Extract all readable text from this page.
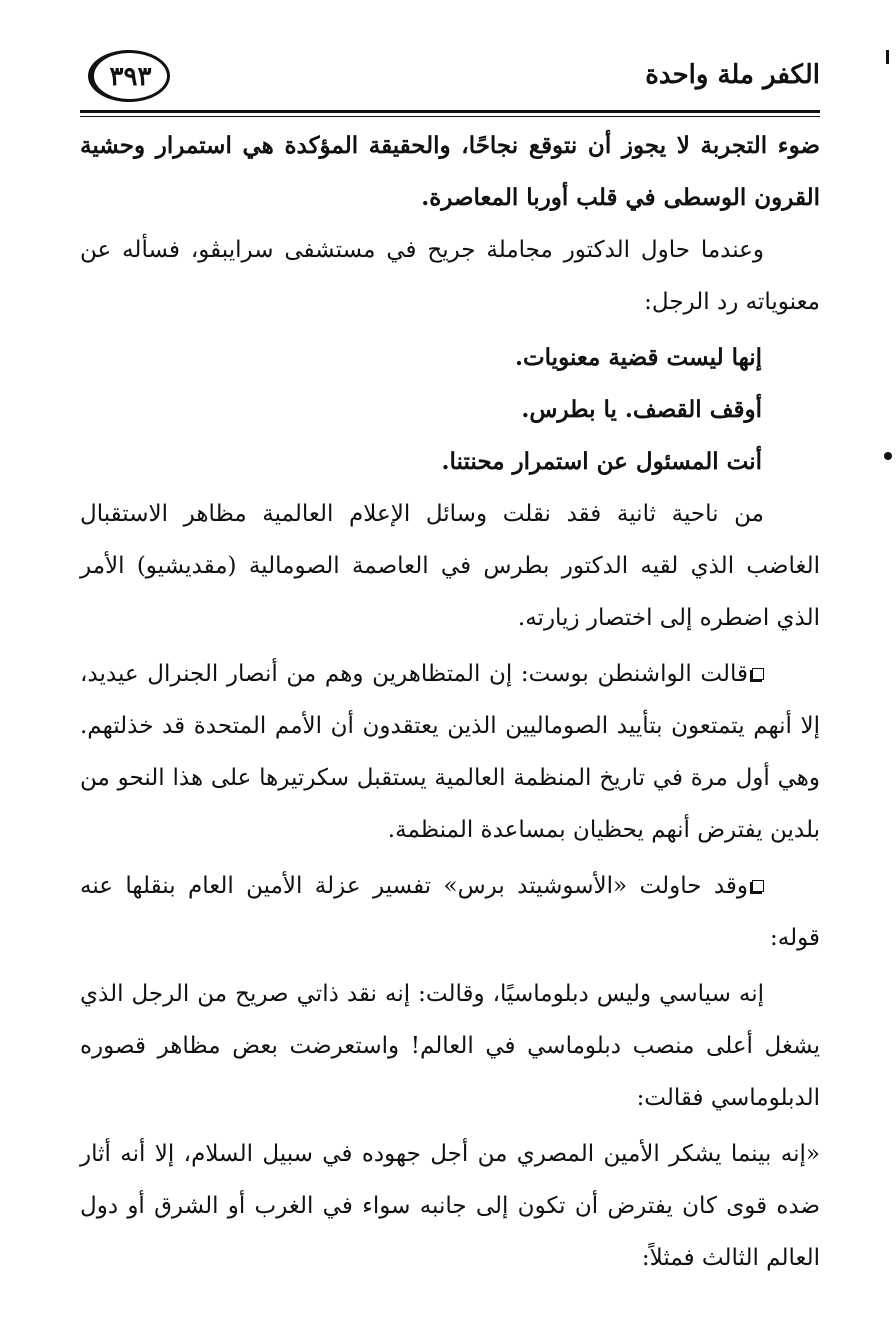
الكفر ملة واحدة
٣٩٣

ضوء التجربة لا يجوز أن نتوقع نجاحًا، والحقيقة المؤكدة هي استمرار وحشية القرون الوسطى في قلب أوربا المعاصرة.

وعندما حاول الدكتور مجاملة جريح في مستشفى سرايبڤو، فسأله عن معنوياته رد الرجل:

إنها ليست قضية معنويات.

أوقف القصف. يا بطرس.

أنت المسئول عن استمرار محنتنا.

من ناحية ثانية فقد نقلت وسائل الإعلام العالمية مظاهر الاستقبال الغاضب الذي لقيه الدكتور بطرس في العاصمة الصومالية (مقديشيو) الأمر الذي اضطره إلى اختصار زيارته.

قالت الواشنطن بوست: إن المتظاهرين وهم من أنصار الجنرال عيديد، إلا أنهم يتمتعون بتأييد الصوماليين الذين يعتقدون أن الأمم المتحدة قد خذلتهم. وهي أول مرة في تاريخ المنظمة العالمية يستقبل سكرتيرها على هذا النحو من بلدين يفترض أنهم يحظيان بمساعدة المنظمة.

وقد حاولت «الأسوشيتد برس» تفسير عزلة الأمين العام بنقلها عنه قوله:

إنه سياسي وليس دبلوماسيًا، وقالت: إنه نقد ذاتي صريح من الرجل الذي يشغل أعلى منصب دبلوماسي في العالم! واستعرضت بعض مظاهر قصوره الدبلوماسي فقالت:

«إنه بينما يشكر الأمين المصري من أجل جهوده في سبيل السلام، إلا أنه أثار ضده قوى كان يفترض أن تكون إلى جانبه سواء في الغرب أو الشرق أو دول العالم الثالث فمثلاً:
